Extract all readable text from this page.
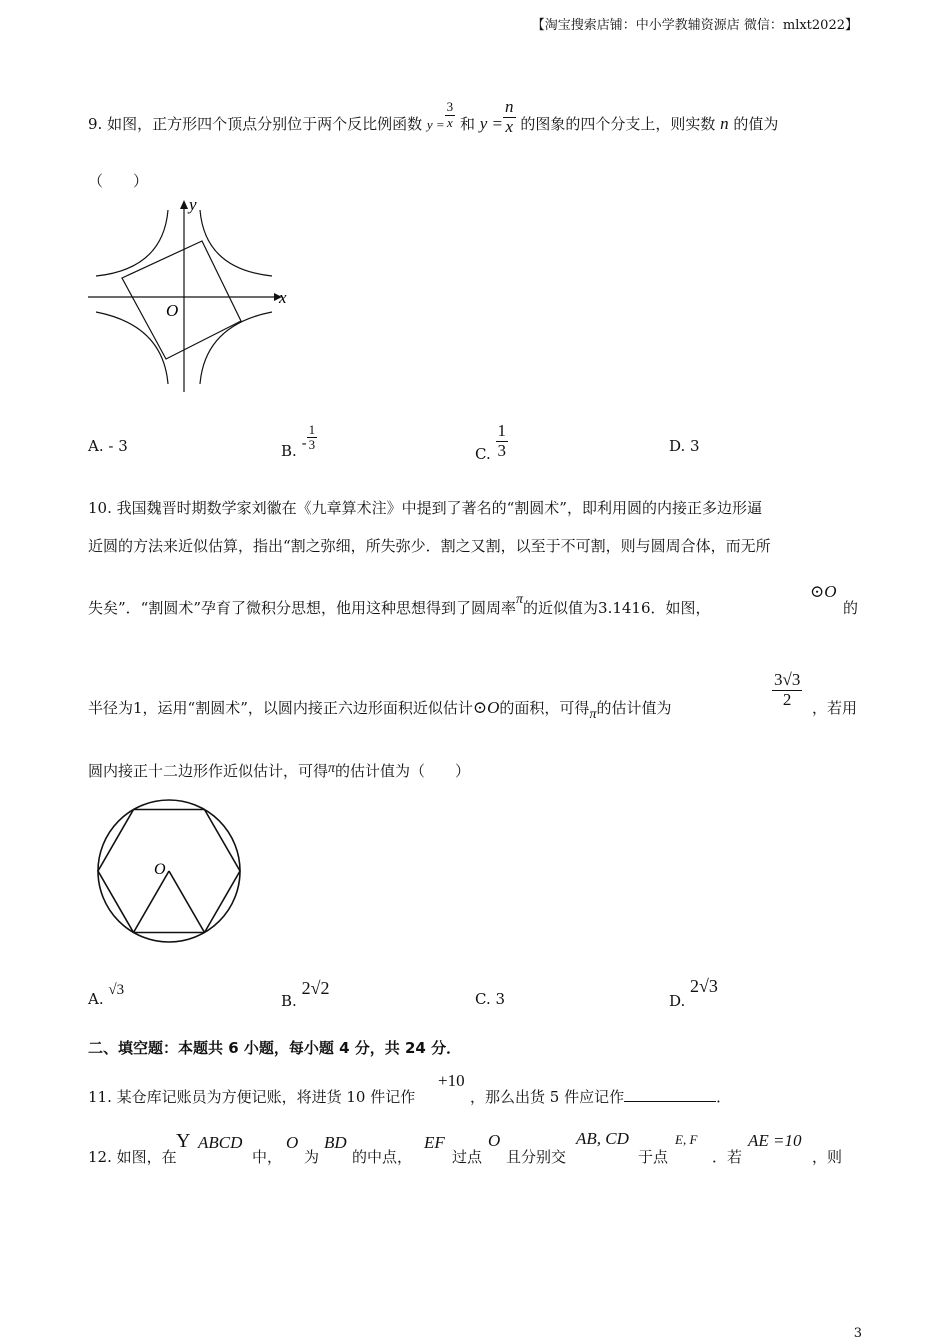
【淘宝搜索店铺：中小学教辅资源店 微信：mlxt2022】
9. 如图，正方形四个顶点分别位于两个反比例函数 $y = \frac{3}{x}$ 和 $y = \frac{n}{x}$ 的图象的四个分支上，则实数 n 的值为
（　　）
x
y
O
A. - 3	B. - $\frac{1}{3}$
C. $\frac{1}{3}$	D. 3
10. 我国魏晋时期数学家刘徽在《九章算术注》中提到了著名的“割圆术”，即利用圆的内接正多边形逼
近圆的方法来近似估算，指出“割之弥细，所失弥少．割之又割，以至于不可割，则与圆周合体，而无所
失矣”．“割圆术”孕育了微积分思想，他用这种思想得到了圆周率π的近似值为3.1416．如图，
⊙O
的
半径为1，运用“割圆术”，以圆内接正六边形面积近似估计⊙O的面积，可得π的估计值为	$\frac{3√3}{2}$ ，若用
圆内接正十二边形作近似估计，可得π的估计值为（　　）
O
A. √3
B. 2√2
C. 3	D. 2√3
二、填空题：本题共 6 小题，每小题 4 分，共 24 分．
11. 某仓库记账员为方便记账，将进货 10 件记作
+10
，那么出货 5 件应记作	．
12. 如图，在
Y ABCD
中，
O
为
BD
的中点，
EF
过点
O
且分别交
AB, CD
于点
E, F
．若
AE =10
，则
3
